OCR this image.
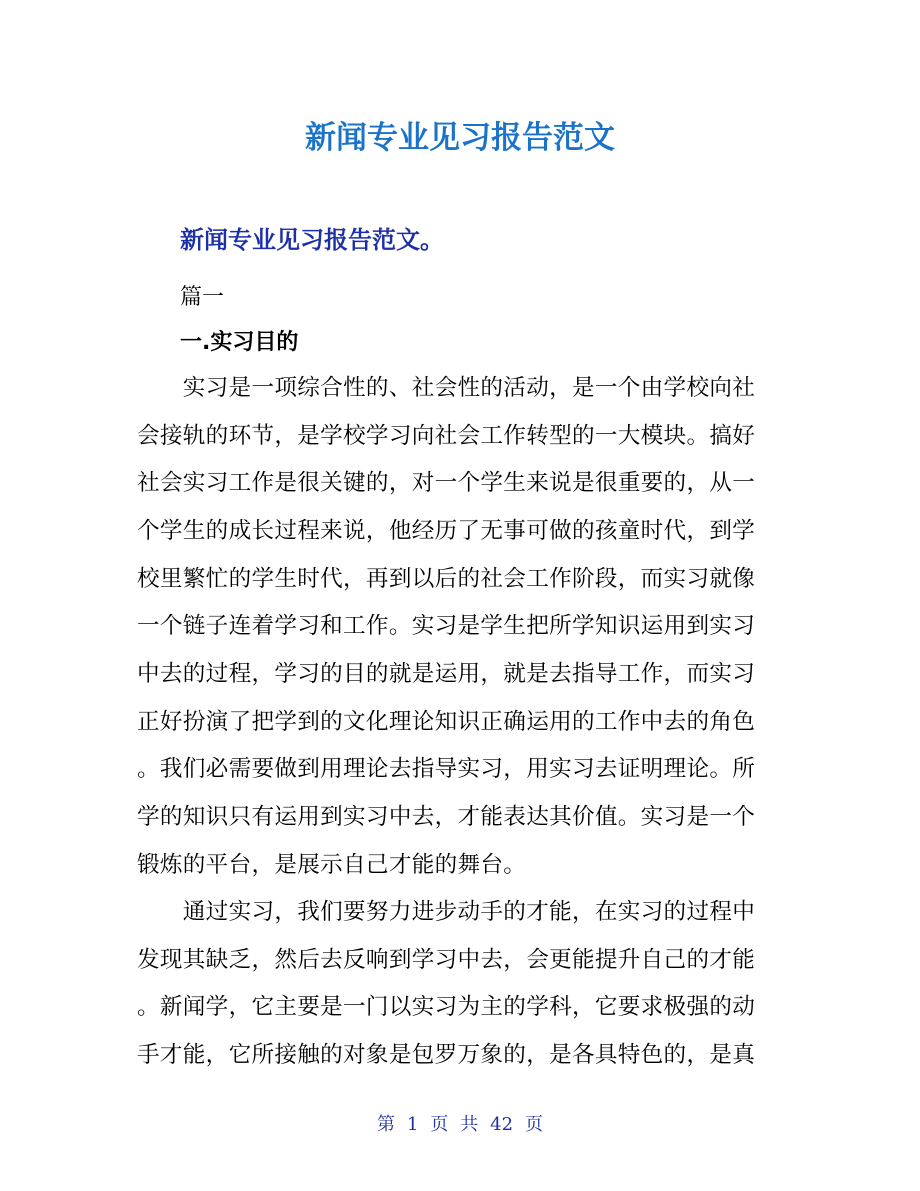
新闻专业见习报告范文
新闻专业见习报告范文。
篇一
一.实习目的
　　实习是一项综合性的、社会性的活动，是一个由学校向社
会接轨的环节，是学校学习向社会工作转型的一大模块。搞好
社会实习工作是很关键的，对一个学生来说是很重要的，从一
个学生的成长过程来说，他经历了无事可做的孩童时代，到学
校里繁忙的学生时代，再到以后的社会工作阶段，而实习就像
一个链子连着学习和工作。实习是学生把所学知识运用到实习
中去的过程，学习的目的就是运用，就是去指导工作，而实习
正好扮演了把学到的文化理论知识正确运用的工作中去的角色
。我们必需要做到用理论去指导实习，用实习去证明理论。所
学的知识只有运用到实习中去，才能表达其价值。实习是一个
锻炼的平台，是展示自己才能的舞台。
　　通过实习，我们要努力进步动手的才能，在实习的过程中
发现其缺乏，然后去反响到学习中去，会更能提升自己的才能
。新闻学，它主要是一门以实习为主的学科，它要求极强的动
手才能，它所接触的对象是包罗万象的，是各具特色的，是真
第 1 页 共 42 页
